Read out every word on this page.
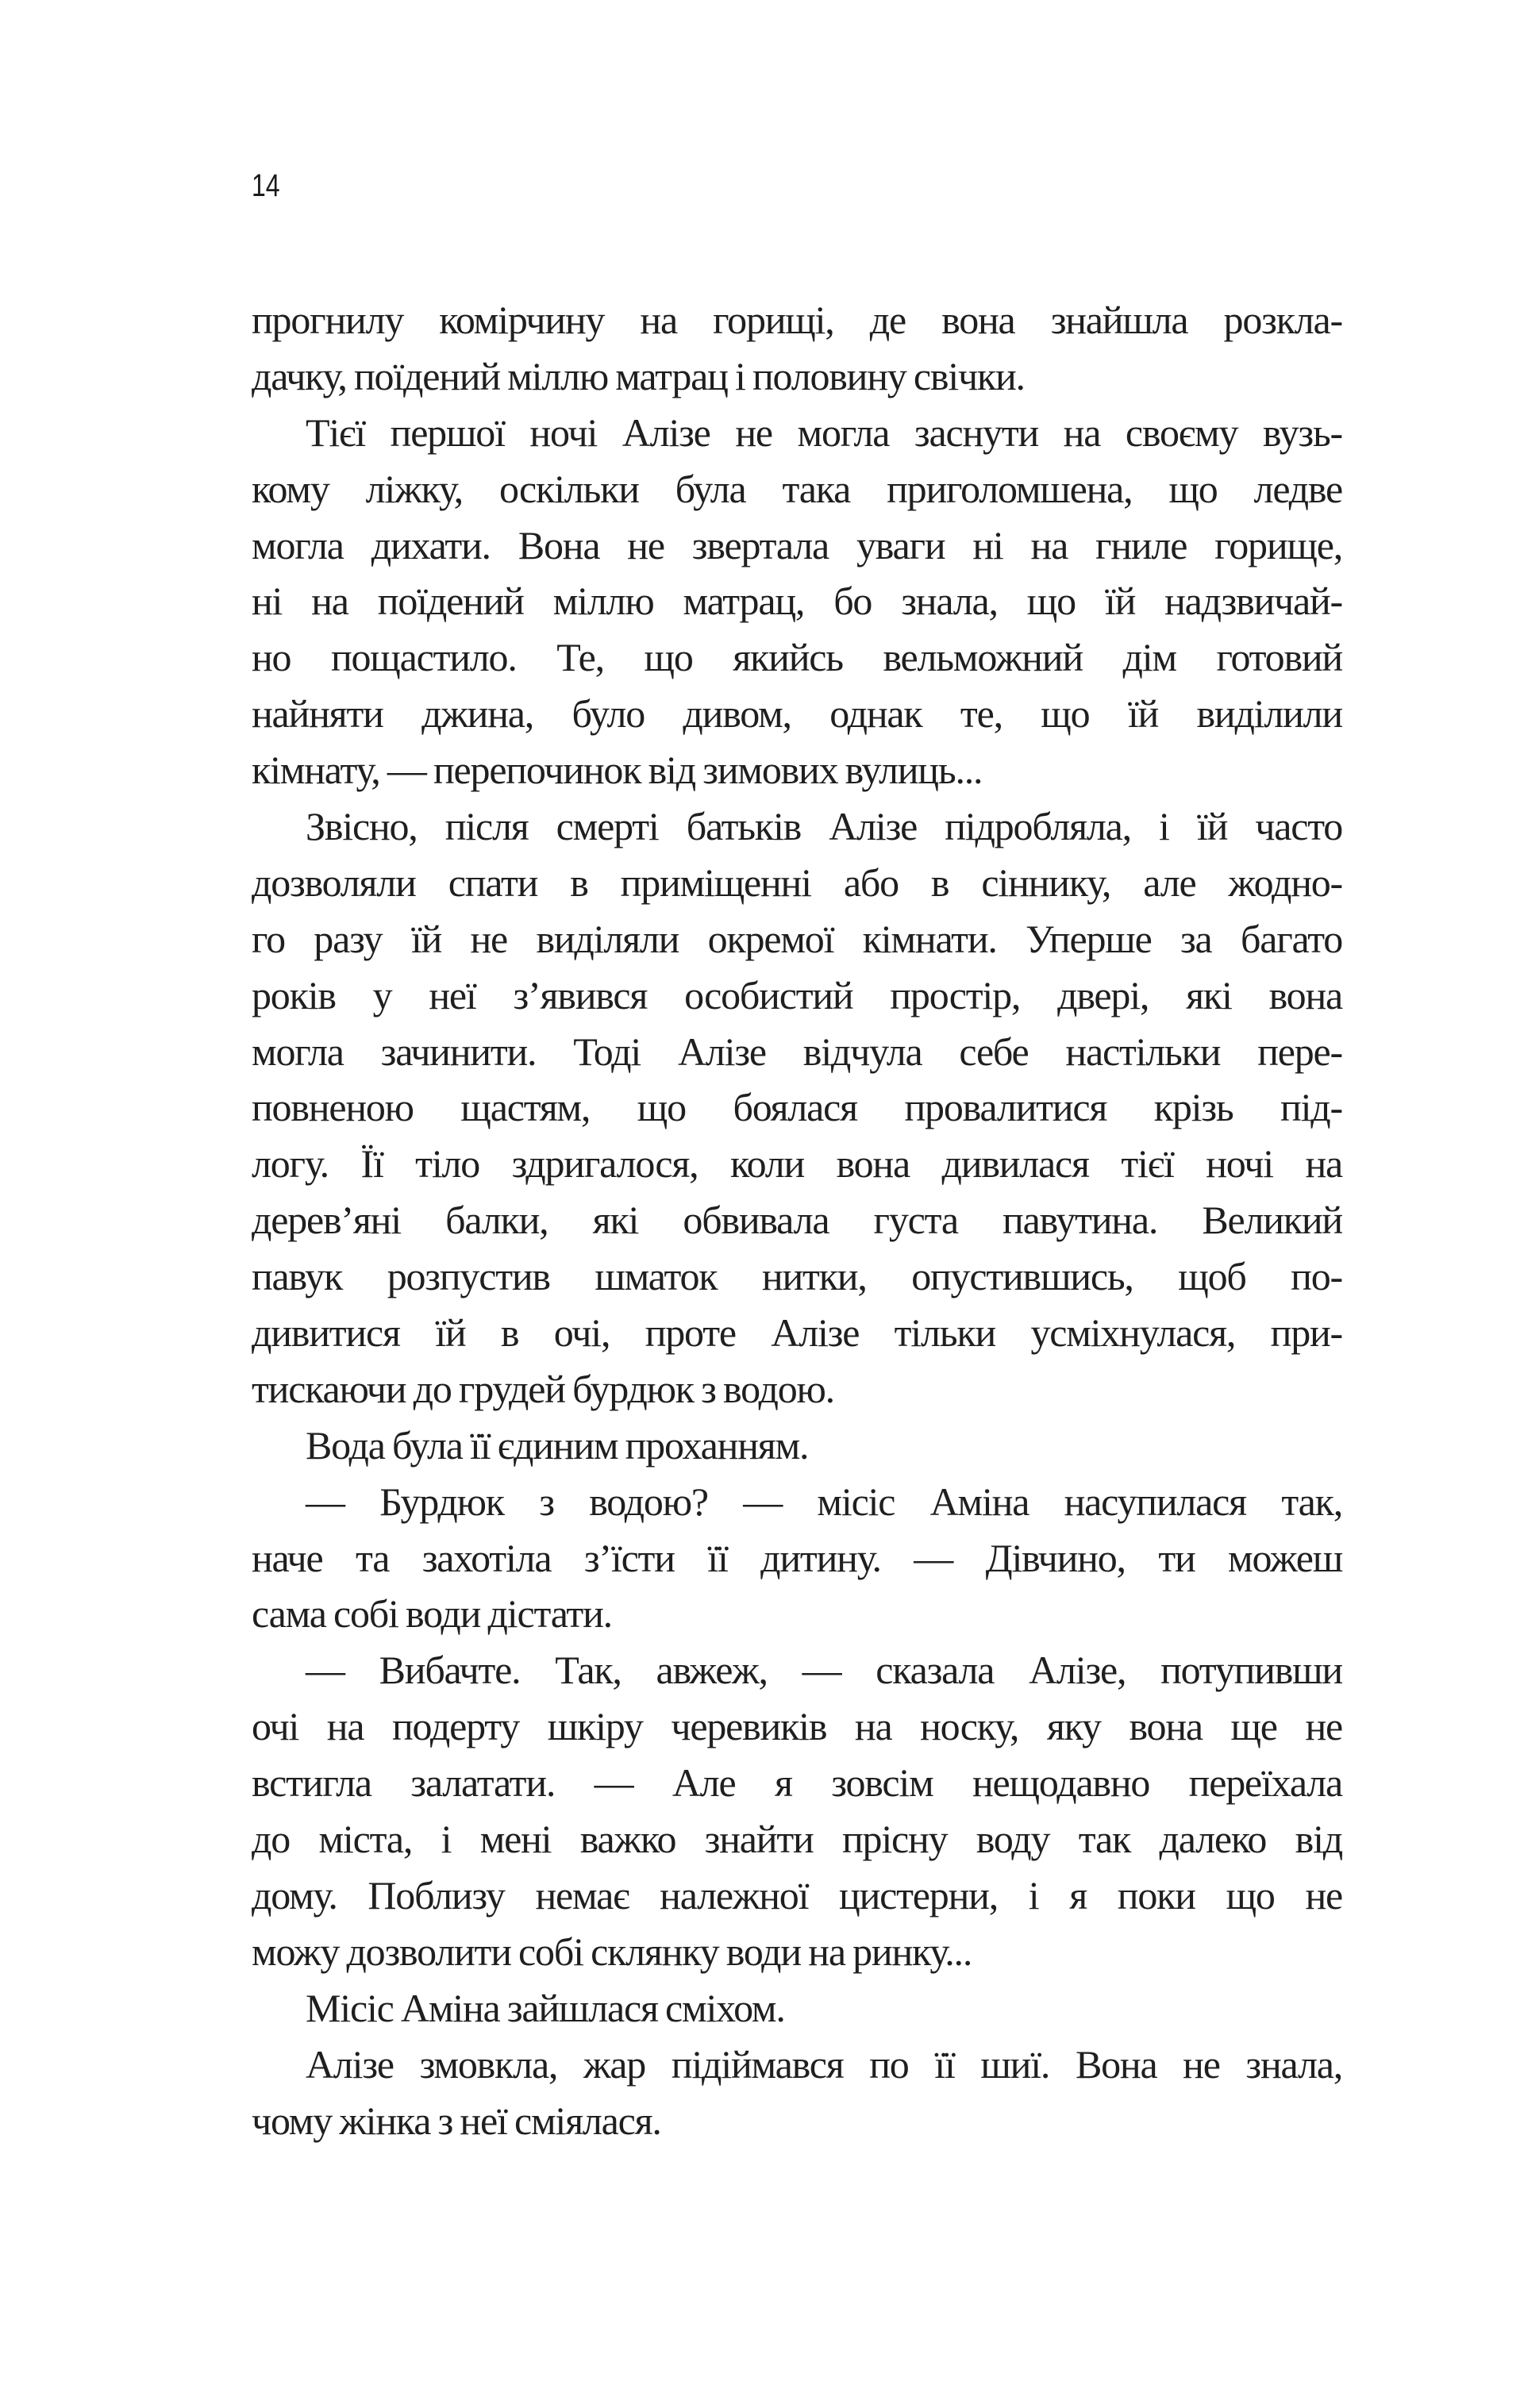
14
прогнилу комірчину на горищі, де вона знайшла розкла-
дачку, поїдений міллю матрац і половину свічки.
Тієї першої ночі Алізе не могла заснути на своєму вузь-
кому ліжку, оскільки була така приголомшена, що ледве
могла дихати. Вона не звертала уваги ні на гниле горище,
ні на поїдений міллю матрац, бо знала, що їй надзвичай-
но пощастило. Те, що якийсь вельможний дім готовий
найняти джина, було дивом, однак те, що їй виділили
кімнату, — перепочинок від зимових вулиць...
Звісно, після смерті батьків Алізе підробляла, і їй часто
дозволяли спати в приміщенні або в сіннику, але жодно-
го разу їй не виділяли окремої кімнати. Уперше за багато
років у неї з’явився особистий простір, двері, які вона
могла зачинити. Тоді Алізе відчула себе настільки пере-
повненою щастям, що боялася провалитися крізь під-
логу. Її тіло здригалося, коли вона дивилася тієї ночі на
дерев’яні балки, які обвивала густа павутина. Великий
павук розпустив шматок нитки, опустившись, щоб по-
дивитися їй в очі, проте Алізе тільки усміхнулася, при-
тискаючи до грудей бурдюк з водою.
Вода була її єдиним проханням.
— Бурдюк з водою? — місіс Аміна насупилася так,
наче та захотіла з’їсти її дитину. — Дівчино, ти можеш
сама собі води дістати.
— Вибачте. Так, авжеж, — сказала Алізе, потупивши
очі на подерту шкіру черевиків на носку, яку вона ще не
встигла залатати. — Але я зовсім нещодавно переїхала
до міста, і мені важко знайти прісну воду так далеко від
дому. Поблизу немає належної цистерни, і я поки що не
можу дозволити собі склянку води на ринку...
Місіс Аміна зайшлася сміхом.
Алізе змовкла, жар підіймався по її шиї. Вона не знала,
чому жінка з неї сміялася.
